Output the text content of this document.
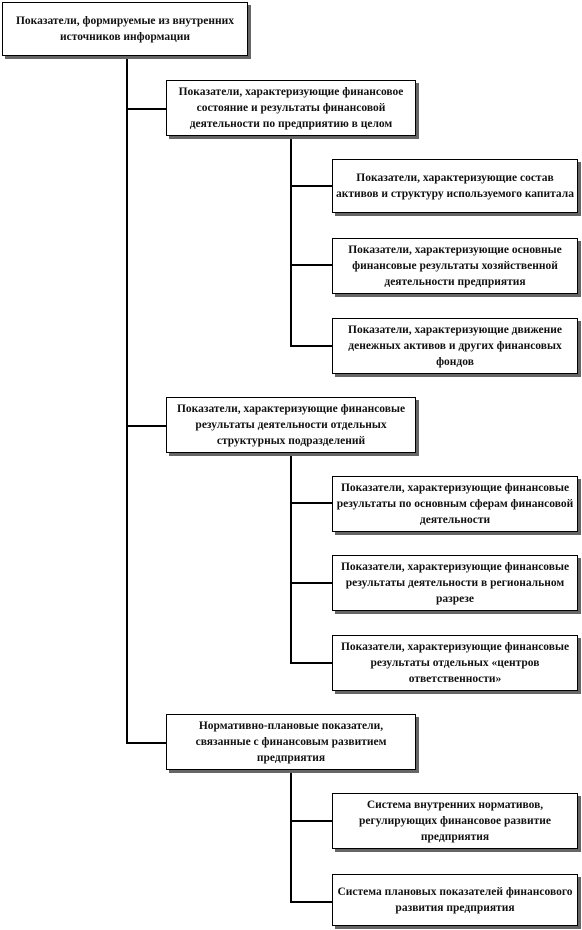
Показатели, формируемые из внутренних источников информации
Показатели, характеризующие финансовое состояние и результаты финансовой деятельности по предприятию в целом
Показатели, характеризующие состав активов и структуру используемого капитала
Показатели, характеризующие основные финансовые результаты хозяйственной деятельности предприятия
Показатели, характеризующие движение денежных активов и других финансовых фондов
Показатели, характеризующие финансовые результаты деятельности отдельных структурных подразделений
Показатели, характеризующие финансовые результаты по основным сферам финансовой деятельности
Показатели, характеризующие финансовые результаты деятельности в региональном разрезе
Показатели, характеризующие финансовые результаты отдельных «центров ответственности»
Нормативно-плановые показатели, связанные с финансовым развитием предприятия
Система внутренних нормативов, регулирующих финансовое развитие предприятия
Система плановых показателей финансового развития предприятия
